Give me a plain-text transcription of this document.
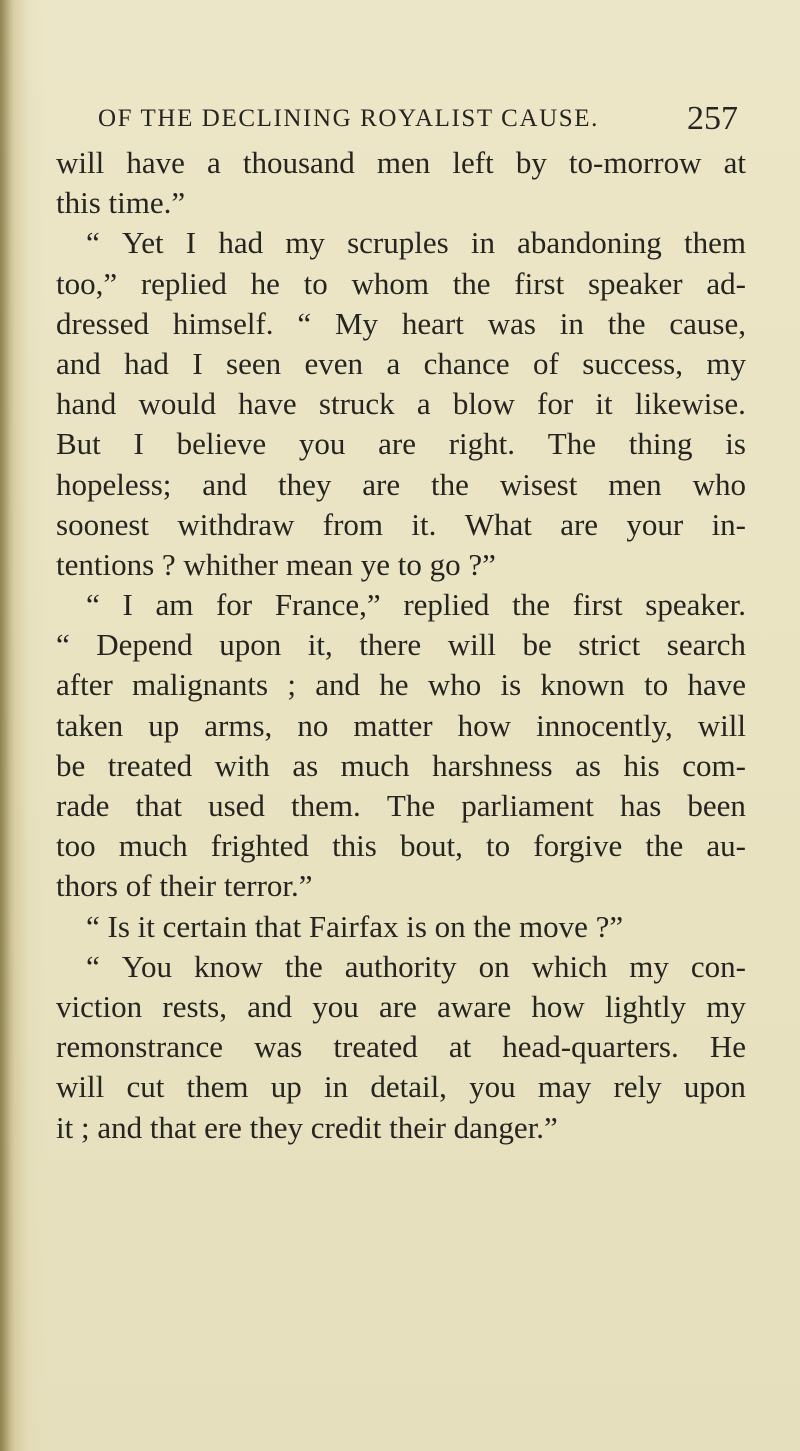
OF THE DECLINING ROYALIST CAUSE.	257
will have a thousand men left by to-morrow at
this time.”
“ Yet I had my scruples in abandoning them
too,” replied he to whom the first speaker ad-
dressed himself. “ My heart was in the cause,
and had I seen even a chance of success, my
hand would have struck a blow for it likewise.
But I believe you are right. The thing is
hopeless; and they are the wisest men who
soonest withdraw from it. What are your in-
tentions ? whither mean ye to go ?”
“ I am for France,” replied the first speaker.
“ Depend upon it, there will be strict search
after malignants ; and he who is known to have
taken up arms, no matter how innocently, will
be treated with as much harshness as his com-
rade that used them. The parliament has been
too much frighted this bout, to forgive the au-
thors of their terror.”
“ Is it certain that Fairfax is on the move ?”
“ You know the authority on which my con-
viction rests, and you are aware how lightly my
remonstrance was treated at head-quarters. He
will cut them up in detail, you may rely upon
it ; and that ere they credit their danger.”
